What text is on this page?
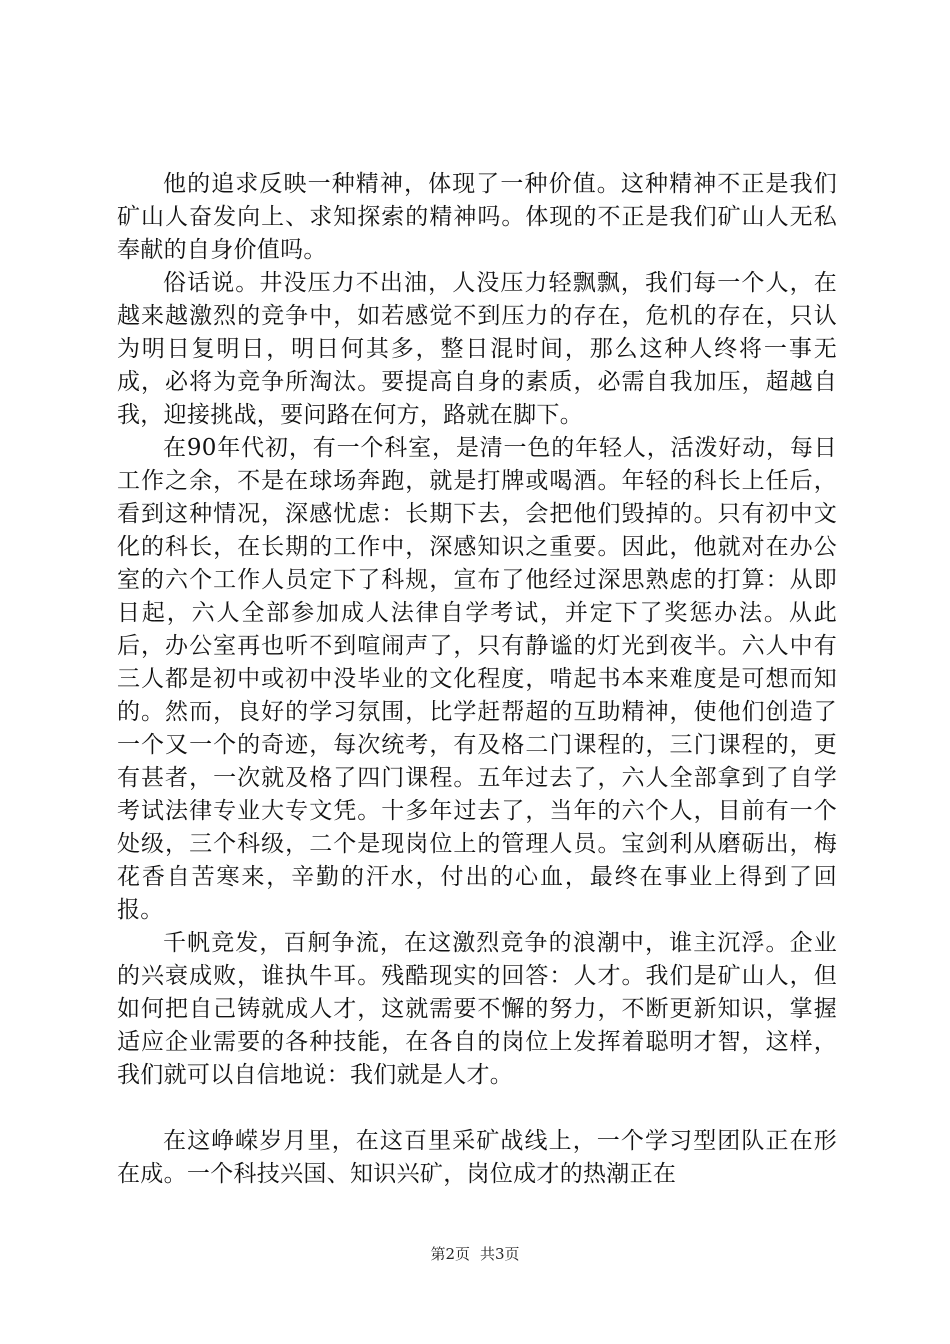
他的追求反映一种精神，体现了一种价值。这种精神不正是我们矿山人奋发向上、求知探索的精神吗。体现的不正是我们矿山人无私奉献的自身价值吗。

俗话说。井没压力不出油，人没压力轻飘飘，我们每一个人，在越来越激烈的竞争中，如若感觉不到压力的存在，危机的存在，只认为明日复明日，明日何其多，整日混时间，那么这种人终将一事无成，必将为竞争所淘汰。要提高自身的素质，必需自我加压，超越自我，迎接挑战，要问路在何方，路就在脚下。

在90年代初，有一个科室，是清一色的年轻人，活泼好动，每日工作之余，不是在球场奔跑，就是打牌或喝酒。年轻的科长上任后，看到这种情况，深感忧虑：长期下去，会把他们毁掉的。只有初中文化的科长，在长期的工作中，深感知识之重要。因此，他就对在办公室的六个工作人员定下了科规，宣布了他经过深思熟虑的打算：从即日起，六人全部参加成人法律自学考试，并定下了奖惩办法。从此后，办公室再也听不到喧闹声了，只有静谧的灯光到夜半。六人中有三人都是初中或初中没毕业的文化程度，啃起书本来难度是可想而知的。然而，良好的学习氛围，比学赶帮超的互助精神，使他们创造了一个又一个的奇迹，每次统考，有及格二门课程的，三门课程的，更有甚者，一次就及格了四门课程。五年过去了，六人全部拿到了自学考试法律专业大专文凭。十多年过去了，当年的六个人，目前有一个处级，三个科级，二个是现岗位上的管理人员。宝剑利从磨砺出，梅花香自苦寒来，辛勤的汗水，付出的心血，最终在事业上得到了回报。

千帆竞发，百舸争流，在这激烈竞争的浪潮中，谁主沉浮。企业的兴衰成败，谁执牛耳。残酷现实的回答：人才。我们是矿山人，但如何把自己铸就成人才，这就需要不懈的努力，不断更新知识，掌握适应企业需要的各种技能，在各自的岗位上发挥着聪明才智，这样，我们就可以自信地说：我们就是人才。

在这峥嵘岁月里，在这百里采矿战线上，一个学习型团队正在形在成。一个科技兴国、知识兴矿，岗位成才的热潮正在

第2页 共3页
